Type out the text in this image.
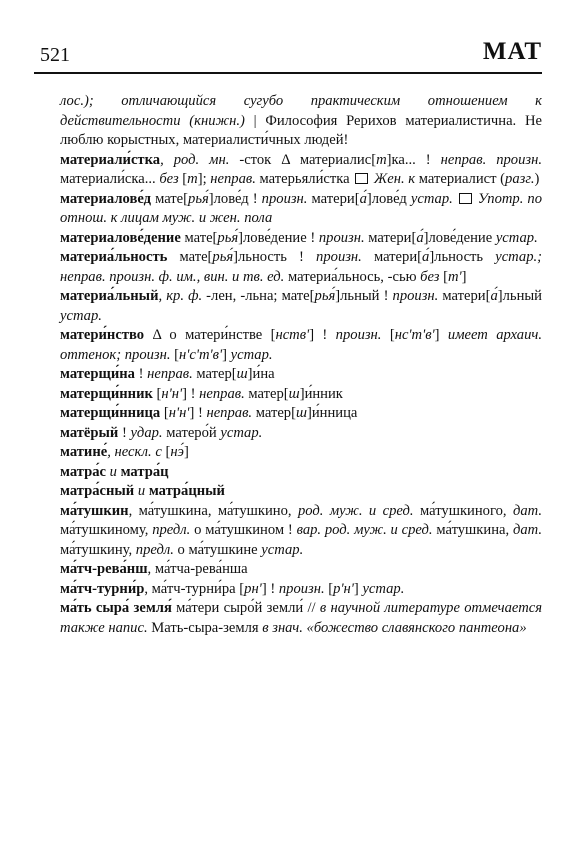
521	МАТ

лос.); отличающийся сугубо практическим отношением к действительности (книжн.) | Философия Рерихов материалистична. Не люблю корыстных, материалисти́чных людей!

материали́стка, род. мн. -сток Δ материалис[т]ка... ! неправ. произн. материали́ска... без [т]; неправ. матерьяли́стка  Жен. к материалист (разг.)

материалове́д мате[рья́]лове́д ! произн. матери[а́]лове́д устар.  Употр. по отнош. к лицам муж. и жен. пола

материалове́дение мате[рья́]лове́дение ! произн. матери[а́]лове́дение устар.

материа́льность мате[рья́]льность ! произн. матери[а́]льность устар.; неправ. произн. ф. им., вин. и тв. ед. материа́льнось, -сью без [тʹ]

материа́льный, кр. ф. -лен, -льна; мате[рья́]льный ! произн. матери[а́]льный устар.

матери́нство Δ о матери́нстве [нствʹ] ! произн. [нсʹтʹвʹ] имеет архаич. оттенок; произн. [нʹсʹтʹвʹ] устар.

матерщи́на ! неправ. матер[ш]и́на

матерщи́нник [нʹнʹ] ! неправ. матер[ш]и́нник

матерщи́нница [нʹнʹ] ! неправ. матер[ш]и́нница

матёрый ! удар. матеро́й устар.

матине́, нескл. с [нэ́]

матра́с и матра́ц

матра́сный и матра́цный

ма́тушкин, ма́тушкина, ма́тушкино, род. муж. и сред. ма́тушкиного, дат. ма́тушкиному, предл. о ма́тушкином ! вар. род. муж. и сред. ма́тушкина, дат. ма́тушкину, предл. о ма́тушкине устар.

ма́тч-рева́нш, ма́тча-рева́нша

ма́тч-турни́р, ма́тч-турни́ра [рнʹ] ! произн. [рʹнʹ] устар.

ма́ть сыра́ земля́ ма́тери сыро́й земли́ // в научной литературе отмечается также напис. Мать-сыра-земля в знач. «божество славянского пантеона»
